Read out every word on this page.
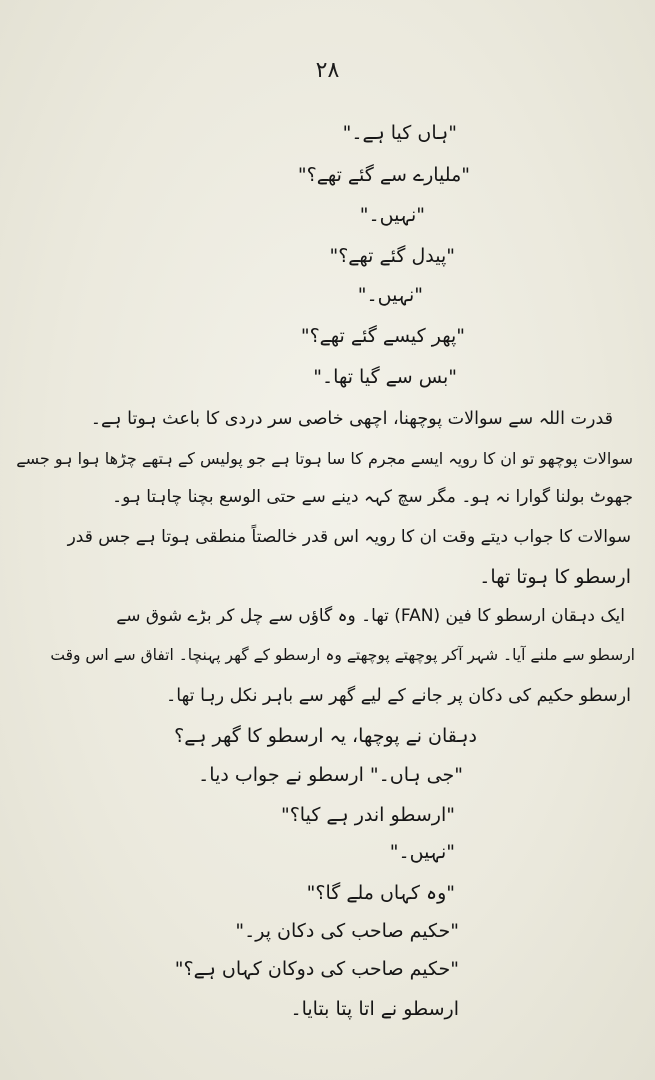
۲۸
"ہاں کیا ہے۔"
"ملیارے سے گئے تھے؟"
"نہیں۔"
"پیدل گئے تھے؟"
"نہیں۔"
"پھر کیسے گئے تھے؟"
"بس سے گیا تھا۔"
قدرت اللہ سے سوالات پوچھنا، اچھی خاصی سر دردی کا باعث ہوتا ہے۔
سوالات پوچھو تو ان کا رویہ ایسے مجرم کا سا ہوتا ہے جو پولیس کے ہتھے چڑھا ہوا ہو جسے
جھوٹ بولنا گوارا نہ ہو۔ مگر سچ کہہ دینے سے حتی الوسع بچنا چاہتا ہو۔
سوالات کا جواب دیتے وقت ان کا رویہ اس قدر خالصتاً منطقی ہوتا ہے جس قدر
ارسطو کا ہوتا تھا۔
ایک دہقان ارسطو کا فین (FAN) تھا۔ وہ گاؤں سے چل کر بڑے شوق سے
ارسطو سے ملنے آیا۔ شہر آکر پوچھتے پوچھتے وہ ارسطو کے گھر پہنچا۔ اتفاق سے اس وقت
ارسطو حکیم کی دکان پر جانے کے لیے گھر سے باہر نکل رہا تھا۔
دہقان نے پوچھا، یہ ارسطو کا گھر ہے؟
"جی ہاں۔" ارسطو نے جواب دیا۔
"ارسطو اندر ہے کیا؟"
"نہیں۔"
"وہ کہاں ملے گا؟"
"حکیم صاحب کی دکان پر۔"
"حکیم صاحب کی دوکان کہاں ہے؟"
ارسطو نے اتا پتا بتایا۔
